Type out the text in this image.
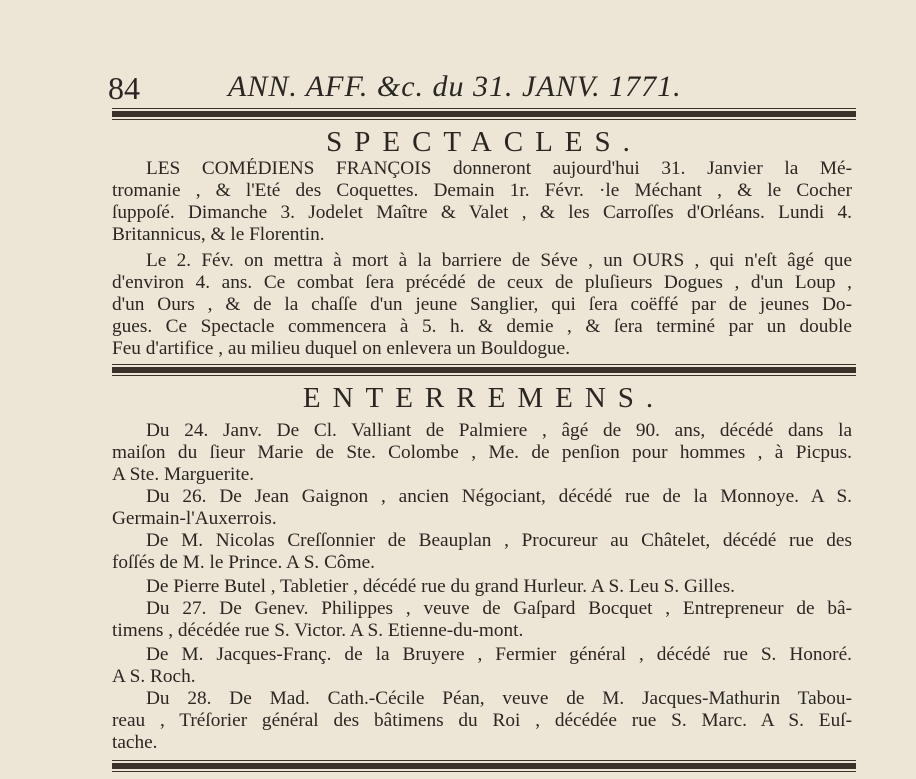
84	ANN. AFF. &c. du 31. JANV. 1771.
SPECTACLES.
LES COMÉDIENS FRANÇOIS donneront aujourd'hui 31. Janvier la Mé-
tromanie , & l'Eté des Coquettes. Demain 1r. Févr. ·le Méchant , & le Cocher
ſuppoſé. Dimanche 3. Jodelet Maître & Valet , & les Carroſſes d'Orléans. Lundi 4.
Britannicus, & le Florentin.
Le 2. Fév. on mettra à mort à la barriere de Séve , un OURS , qui n'eſt âgé que
d'environ 4. ans. Ce combat ſera précédé de ceux de pluſieurs Dogues , d'un Loup ,
d'un Ours , & de la chaſſe d'un jeune Sanglier, qui ſera coëffé par de jeunes Do-
gues. Ce Spectacle commencera à 5. h. & demie , & ſera terminé par un double
Feu d'artifice , au milieu duquel on enlevera un Bouldogue.
ENTERREMENS.
Du 24. Janv. De Cl. Valliant de Palmiere , âgé de 90. ans, décédé dans la
maiſon du ſieur Marie de Ste. Colombe , Me. de penſion pour hommes , à Picpus.
A Ste. Marguerite.
Du 26. De Jean Gaignon , ancien Négociant, décédé rue de la Monnoye. A S.
Germain-l'Auxerrois.
De M. Nicolas Creſſonnier de Beauplan , Procureur au Châtelet, décédé rue des
foſſés de M. le Prince. A S. Côme.
De Pierre Butel , Tabletier , décédé rue du grand Hurleur. A S. Leu S. Gilles.
Du 27. De Genev. Philippes , veuve de Gaſpard Bocquet , Entrepreneur de bâ-
timens , décédée rue S. Victor. A S. Etienne-du-mont.
De M. Jacques-Franç. de la Bruyere , Fermier général , décédé rue S. Honoré.
A S. Roch.
Du 28. De Mad. Cath.-Cécile Péan, veuve de M. Jacques-Mathurin Tabou-
reau , Tréſorier général des bâtimens du Roi , décédée rue S. Marc. A S. Euſ-
tache.
